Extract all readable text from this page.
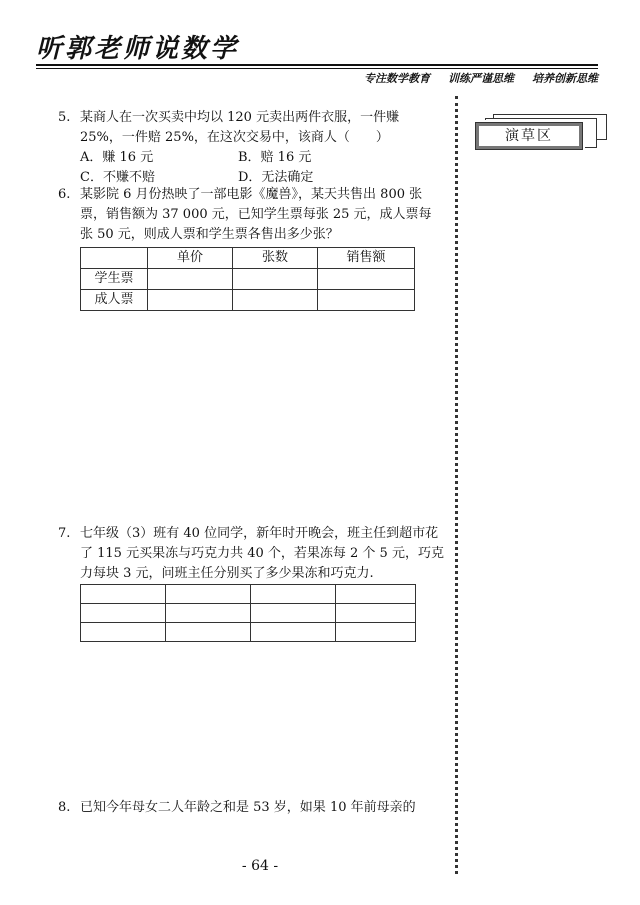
听郭老师说数学
专注数学教育 训练严谨思维 培养创新思维
演草区
5. 某商人在一次买卖中均以 120 元卖出两件衣服，一件赚 25%，一件赔 25%，在这次交易中，该商人（　　）
A．赚 16 元	B．赔 16 元
C．不赚不赔	D．无法确定
6. 某影院 6 月份热映了一部电影《魔兽》，某天共售出 800 张票，销售额为 37 000 元，已知学生票每张 25 元，成人票每张 50 元，则成人票和学生票各售出多少张？
	单价	张数	销售额
学生票			
成人票			
7. 七年级（3）班有 40 位同学，新年时开晚会，班主任到超市花了 115 元买果冻与巧克力共 40 个，若果冻每 2 个 5 元，巧克力每块 3 元，问班主任分别买了多少果冻和巧克力.

8. 已知今年母女二人年龄之和是 53 岁，如果 10 年前母亲的
- 64 -
